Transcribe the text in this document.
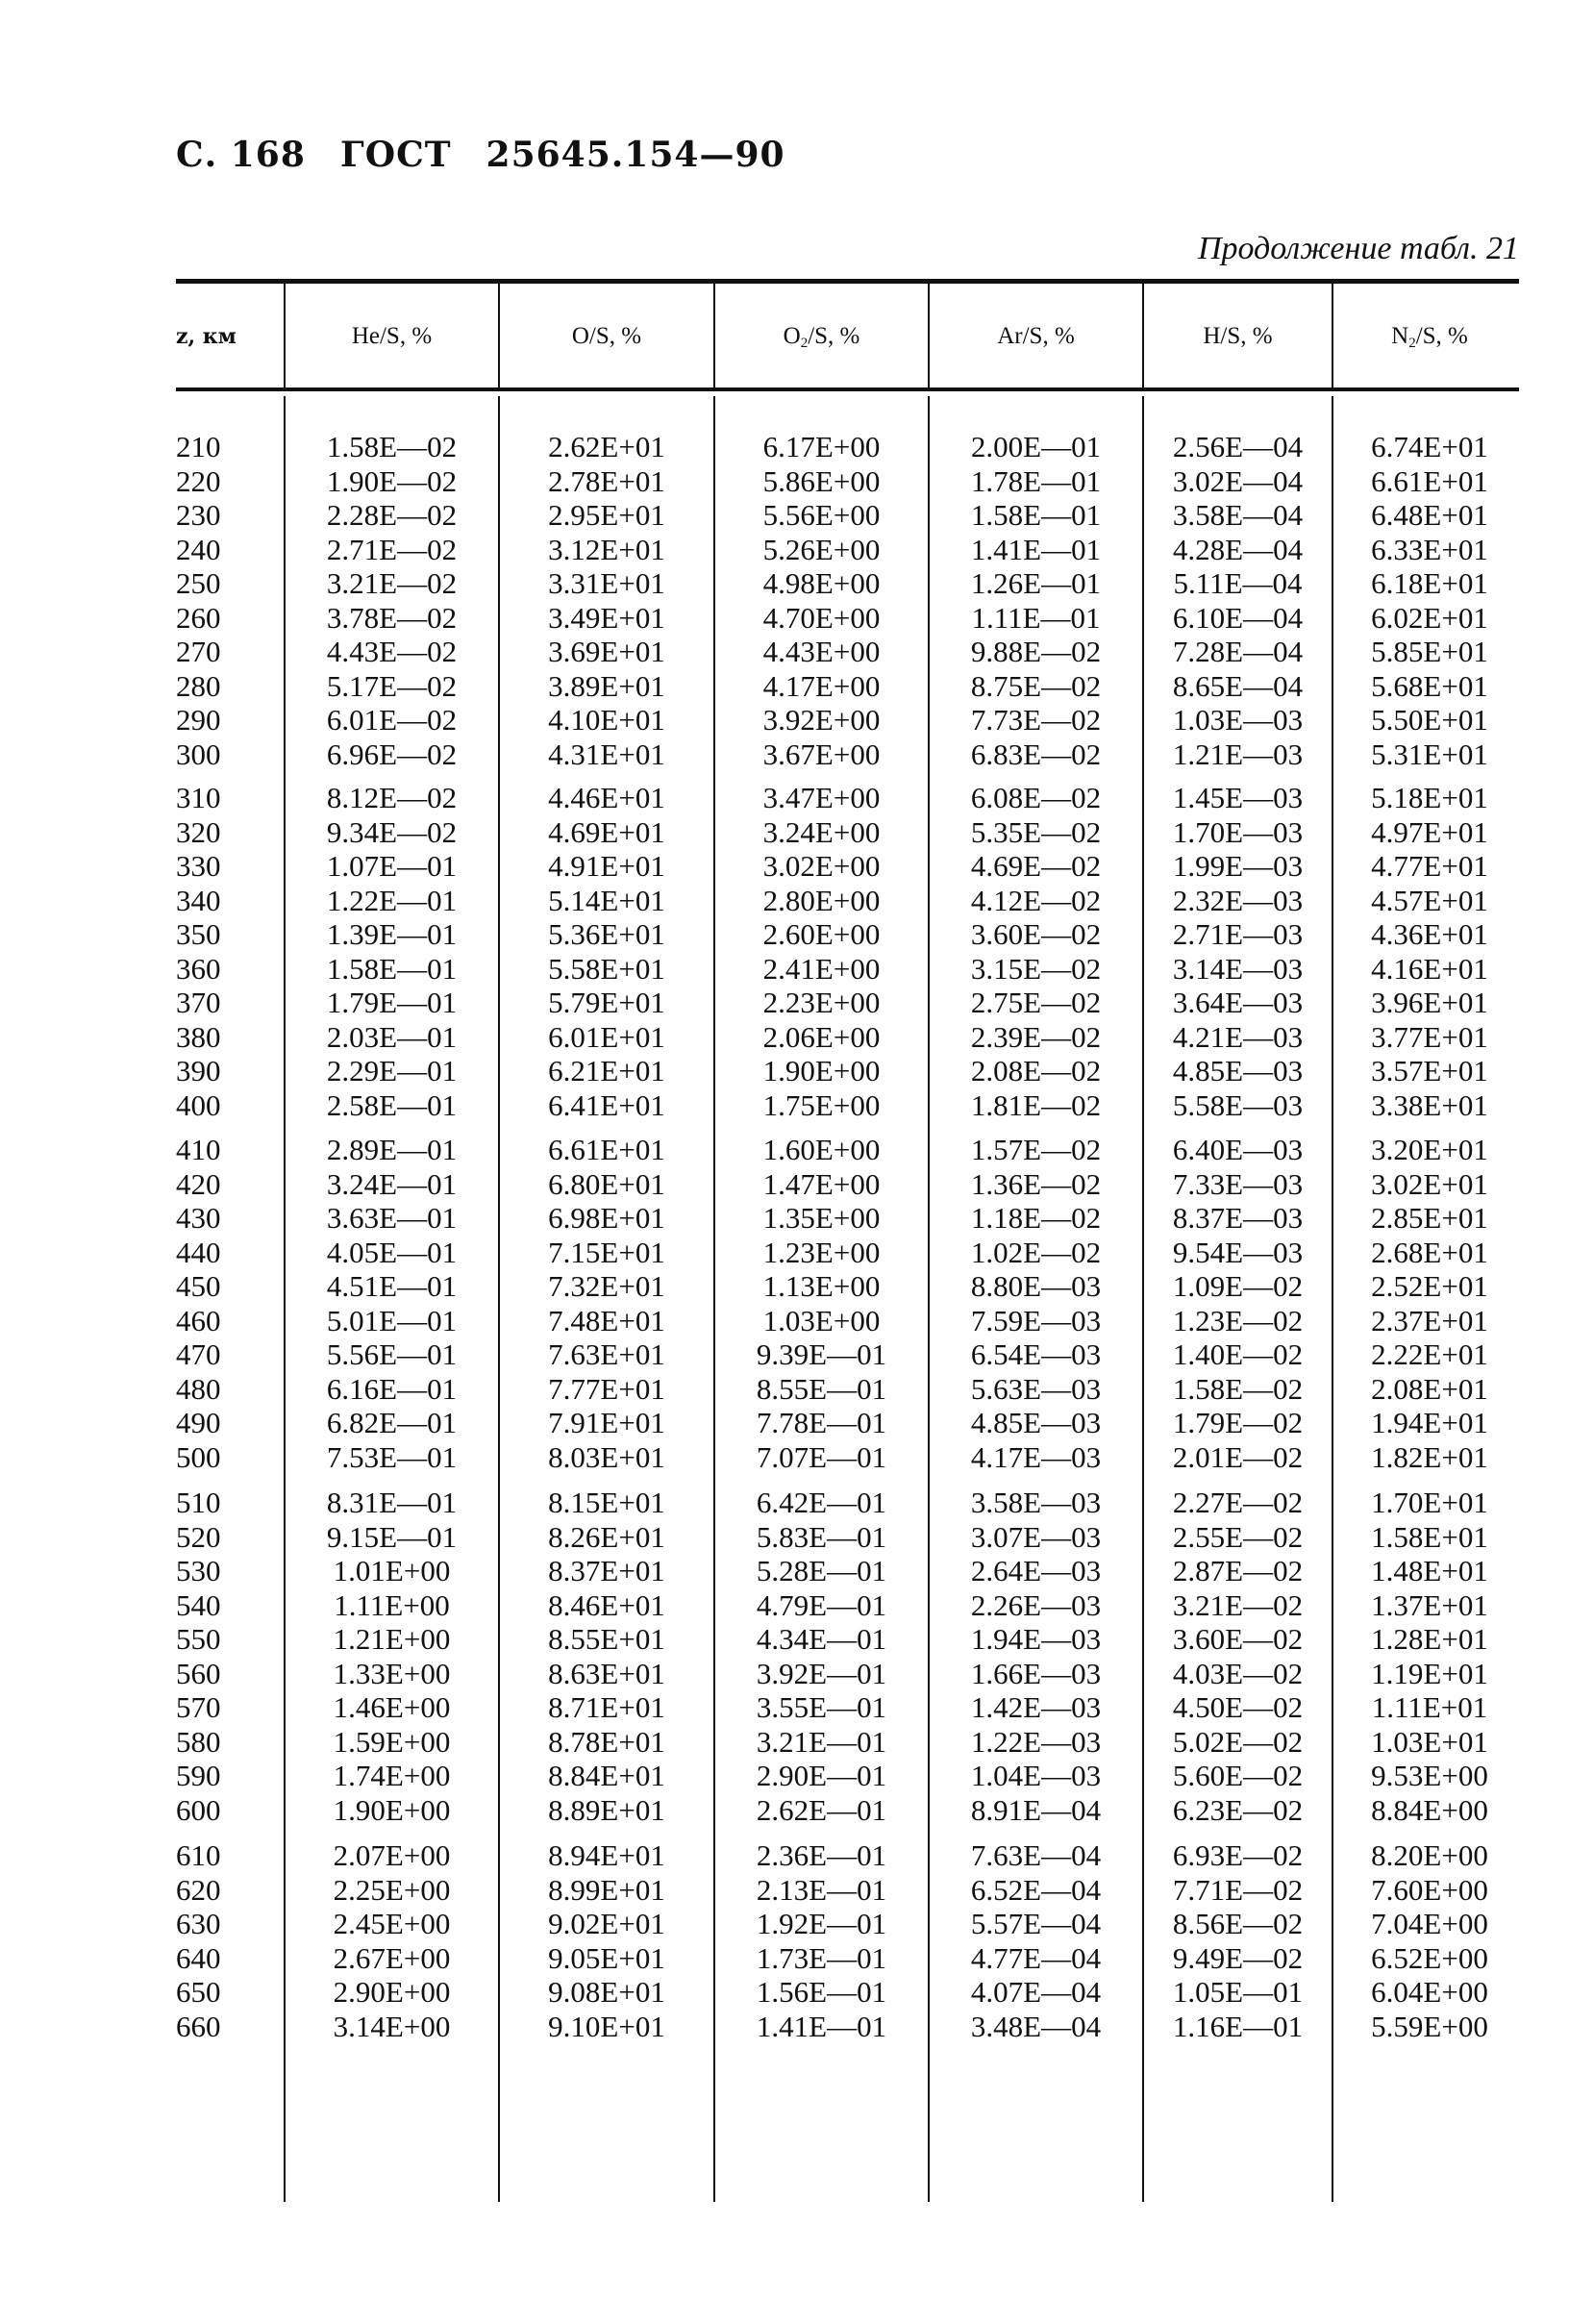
С. 168 ГОСТ 25645.154—90
Продолжение табл. 21
z, км	He/S, %	O/S, %	$O_2/S$, %	Ar/S, %	H/S, %	$N_2/S$, %
210	1.58E—02	2.62E+01	6.17E+00	2.00E—01	2.56E—04	6.74E+01
220	1.90E—02	2.78E+01	5.86E+00	1.78E—01	3.02E—04	6.61E+01
230	2.28E—02	2.95E+01	5.56E+00	1.58E—01	3.58E—04	6.48E+01
240	2.71E—02	3.12E+01	5.26E+00	1.41E—01	4.28E—04	6.33E+01
250	3.21E—02	3.31E+01	4.98E+00	1.26E—01	5.11E—04	6.18E+01
260	3.78E—02	3.49E+01	4.70E+00	1.11E—01	6.10E—04	6.02E+01
270	4.43E—02	3.69E+01	4.43E+00	9.88E—02	7.28E—04	5.85E+01
280	5.17E—02	3.89E+01	4.17E+00	8.75E—02	8.65E—04	5.68E+01
290	6.01E—02	4.10E+01	3.92E+00	7.73E—02	1.03E—03	5.50E+01
300	6.96E—02	4.31E+01	3.67E+00	6.83E—02	1.21E—03	5.31E+01
310	8.12E—02	4.46E+01	3.47E+00	6.08E—02	1.45E—03	5.18E+01
320	9.34E—02	4.69E+01	3.24E+00	5.35E—02	1.70E—03	4.97E+01
330	1.07E—01	4.91E+01	3.02E+00	4.69E—02	1.99E—03	4.77E+01
340	1.22E—01	5.14E+01	2.80E+00	4.12E—02	2.32E—03	4.57E+01
350	1.39E—01	5.36E+01	2.60E+00	3.60E—02	2.71E—03	4.36E+01
360	1.58E—01	5.58E+01	2.41E+00	3.15E—02	3.14E—03	4.16E+01
370	1.79E—01	5.79E+01	2.23E+00	2.75E—02	3.64E—03	3.96E+01
380	2.03E—01	6.01E+01	2.06E+00	2.39E—02	4.21E—03	3.77E+01
390	2.29E—01	6.21E+01	1.90E+00	2.08E—02	4.85E—03	3.57E+01
400	2.58E—01	6.41E+01	1.75E+00	1.81E—02	5.58E—03	3.38E+01
410	2.89E—01	6.61E+01	1.60E+00	1.57E—02	6.40E—03	3.20E+01
420	3.24E—01	6.80E+01	1.47E+00	1.36E—02	7.33E—03	3.02E+01
430	3.63E—01	6.98E+01	1.35E+00	1.18E—02	8.37E—03	2.85E+01
440	4.05E—01	7.15E+01	1.23E+00	1.02E—02	9.54E—03	2.68E+01
450	4.51E—01	7.32E+01	1.13E+00	8.80E—03	1.09E—02	2.52E+01
460	5.01E—01	7.48E+01	1.03E+00	7.59E—03	1.23E—02	2.37E+01
470	5.56E—01	7.63E+01	9.39E—01	6.54E—03	1.40E—02	2.22E+01
480	6.16E—01	7.77E+01	8.55E—01	5.63E—03	1.58E—02	2.08E+01
490	6.82E—01	7.91E+01	7.78E—01	4.85E—03	1.79E—02	1.94E+01
500	7.53E—01	8.03E+01	7.07E—01	4.17E—03	2.01E—02	1.82E+01
510	8.31E—01	8.15E+01	6.42E—01	3.58E—03	2.27E—02	1.70E+01
520	9.15E—01	8.26E+01	5.83E—01	3.07E—03	2.55E—02	1.58E+01
530	1.01E+00	8.37E+01	5.28E—01	2.64E—03	2.87E—02	1.48E+01
540	1.11E+00	8.46E+01	4.79E—01	2.26E—03	3.21E—02	1.37E+01
550	1.21E+00	8.55E+01	4.34E—01	1.94E—03	3.60E—02	1.28E+01
560	1.33E+00	8.63E+01	3.92E—01	1.66E—03	4.03E—02	1.19E+01
570	1.46E+00	8.71E+01	3.55E—01	1.42E—03	4.50E—02	1.11E+01
580	1.59E+00	8.78E+01	3.21E—01	1.22E—03	5.02E—02	1.03E+01
590	1.74E+00	8.84E+01	2.90E—01	1.04E—03	5.60E—02	9.53E+00
600	1.90E+00	8.89E+01	2.62E—01	8.91E—04	6.23E—02	8.84E+00
610	2.07E+00	8.94E+01	2.36E—01	7.63E—04	6.93E—02	8.20E+00
620	2.25E+00	8.99E+01	2.13E—01	6.52E—04	7.71E—02	7.60E+00
630	2.45E+00	9.02E+01	1.92E—01	5.57E—04	8.56E—02	7.04E+00
640	2.67E+00	9.05E+01	1.73E—01	4.77E—04	9.49E—02	6.52E+00
650	2.90E+00	9.08E+01	1.56E—01	4.07E—04	1.05E—01	6.04E+00
660	3.14E+00	9.10E+01	1.41E—01	3.48E—04	1.16E—01	5.59E+00
